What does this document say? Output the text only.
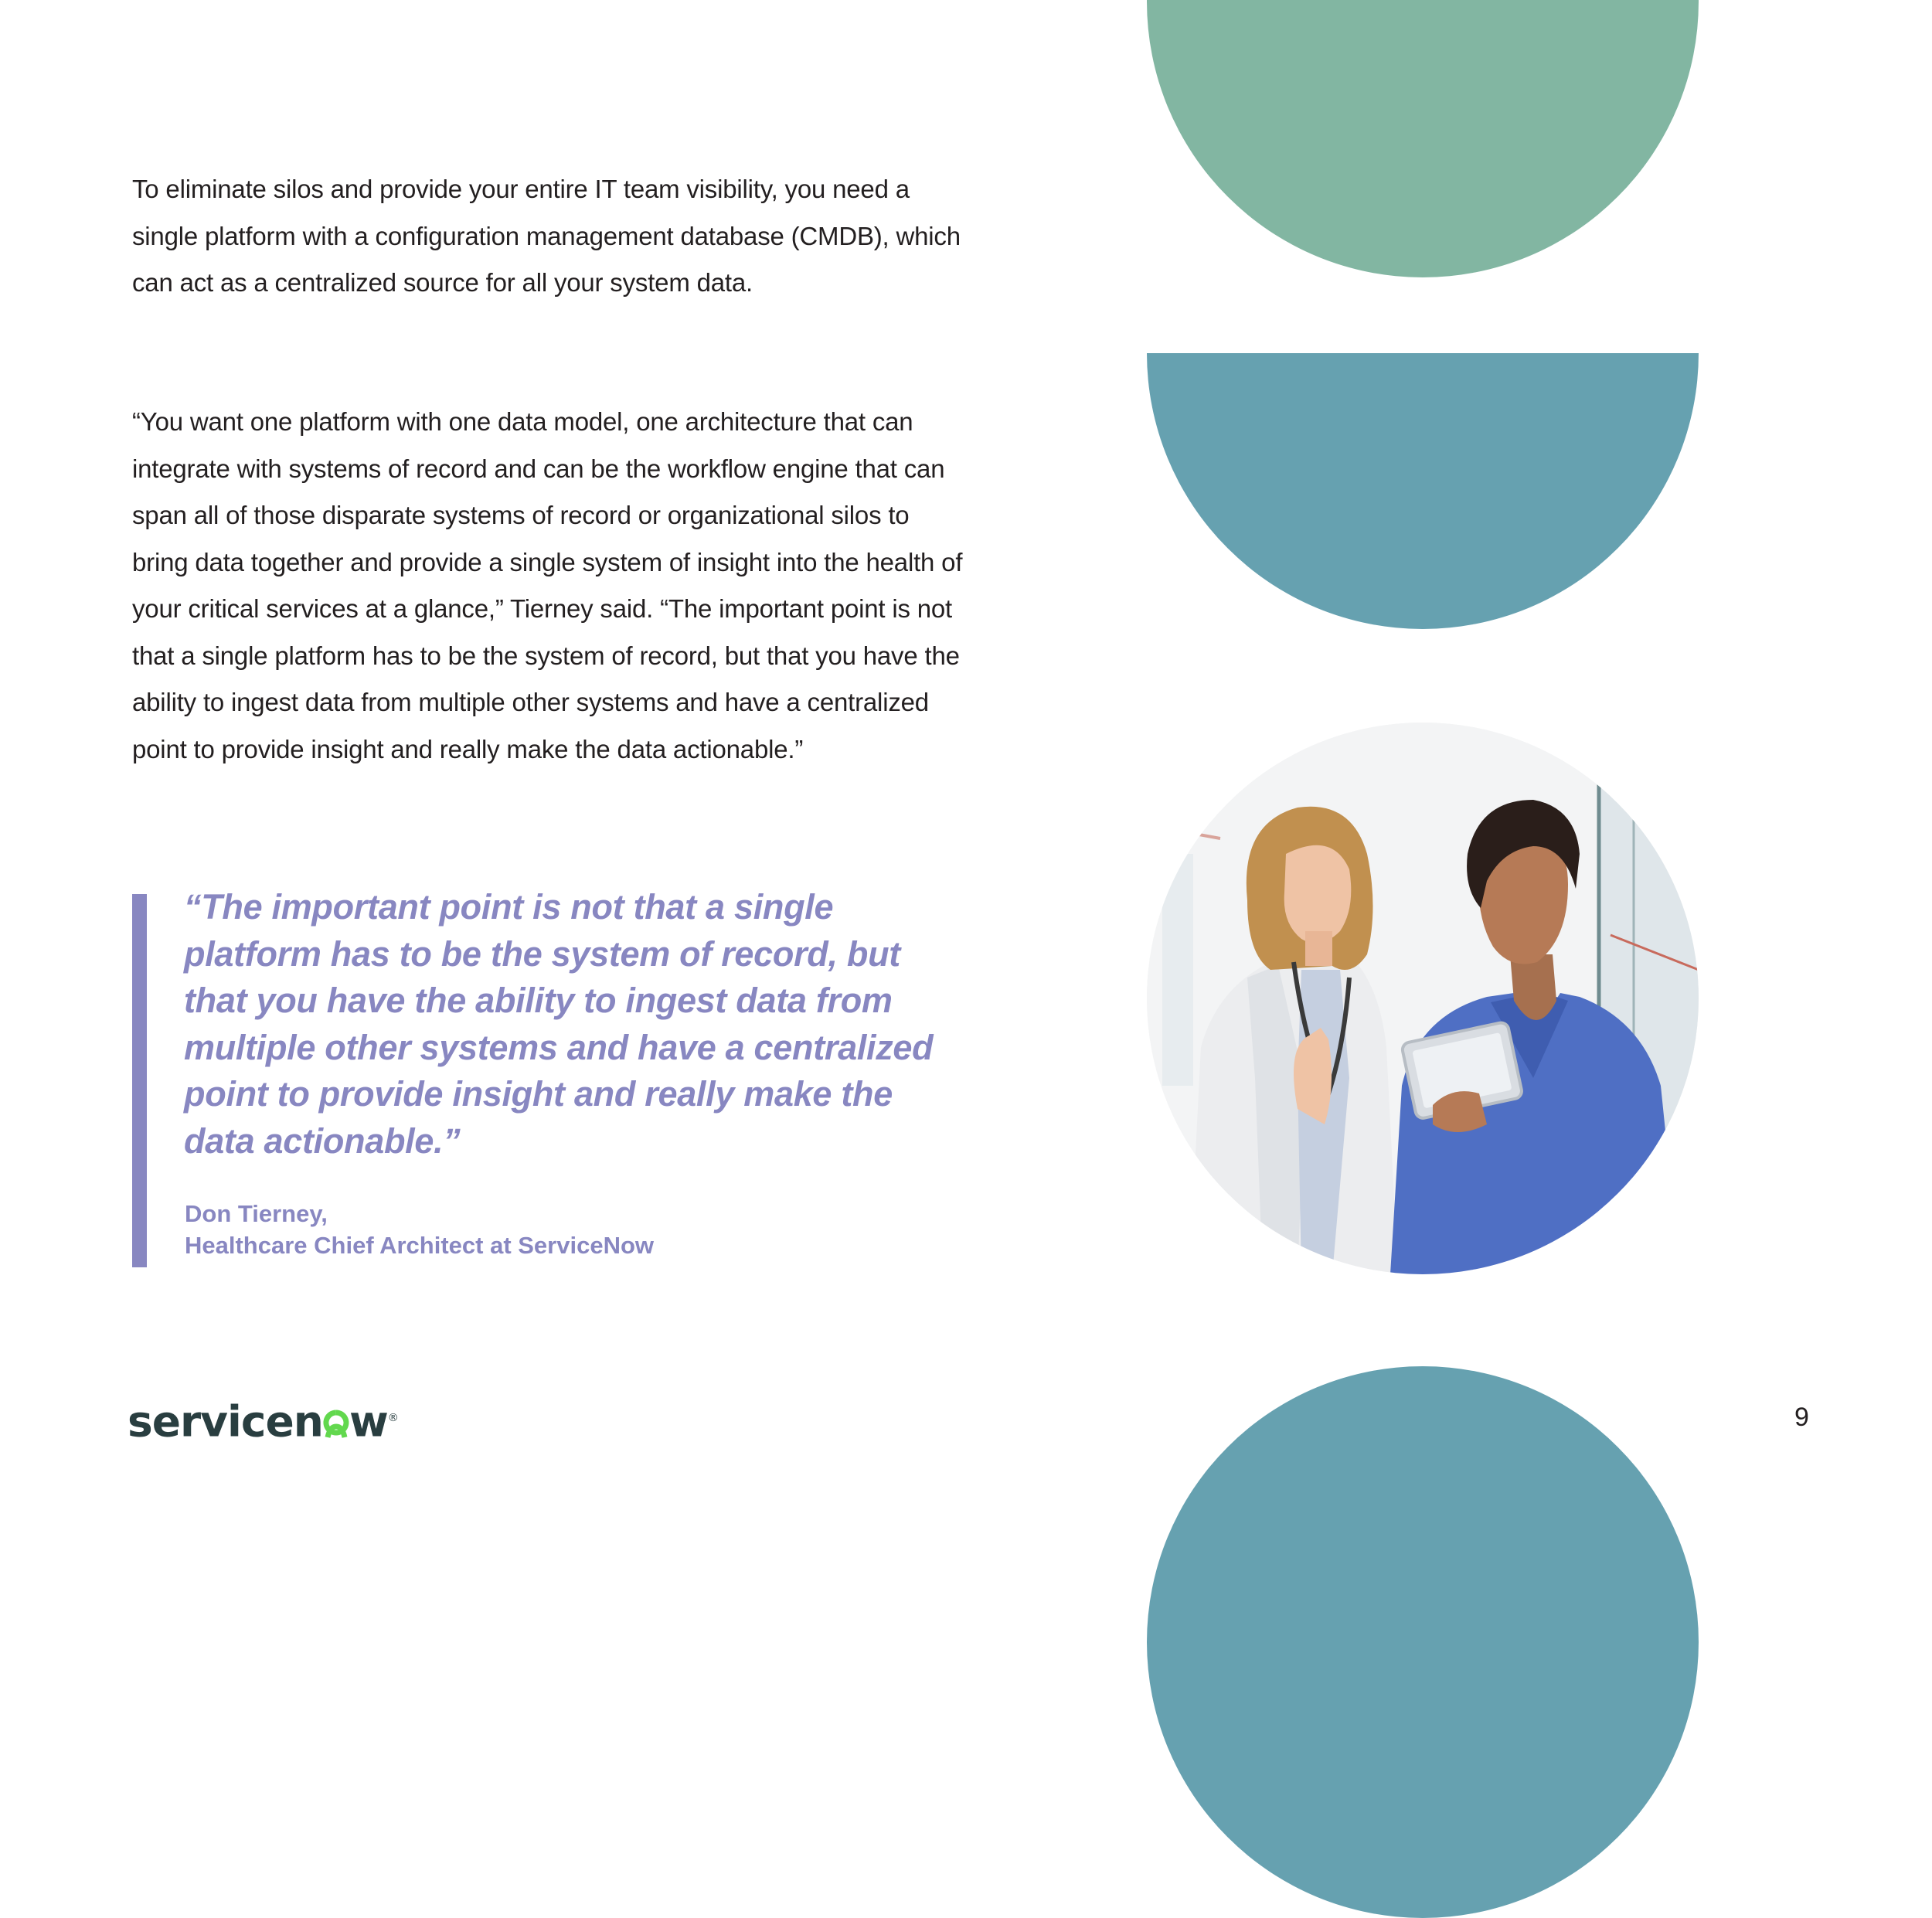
To eliminate silos and provide your entire IT team visibility, you need a single platform with a configuration management database (CMDB), which can act as a centralized source for all your system data.

“You want one platform with one data model, one architecture that can integrate with systems of record and can be the workflow engine that can span all of those disparate systems of record or organizational silos to bring data together and provide a single system of insight into the health of your critical services at a glance,” Tierney said. “The important point is not that a single platform has to be the system of record, but that you have the ability to ingest data from multiple other systems and have a centralized point to provide insight and really make the data actionable.”

“The important point is not that a single platform has to be the system of record, but that you have the ability to ingest data from multiple other systems and have a centralized point to provide insight and really make the data actionable.”

Don Tierney,
Healthcare Chief Architect at ServiceNow

servicen w®	9
